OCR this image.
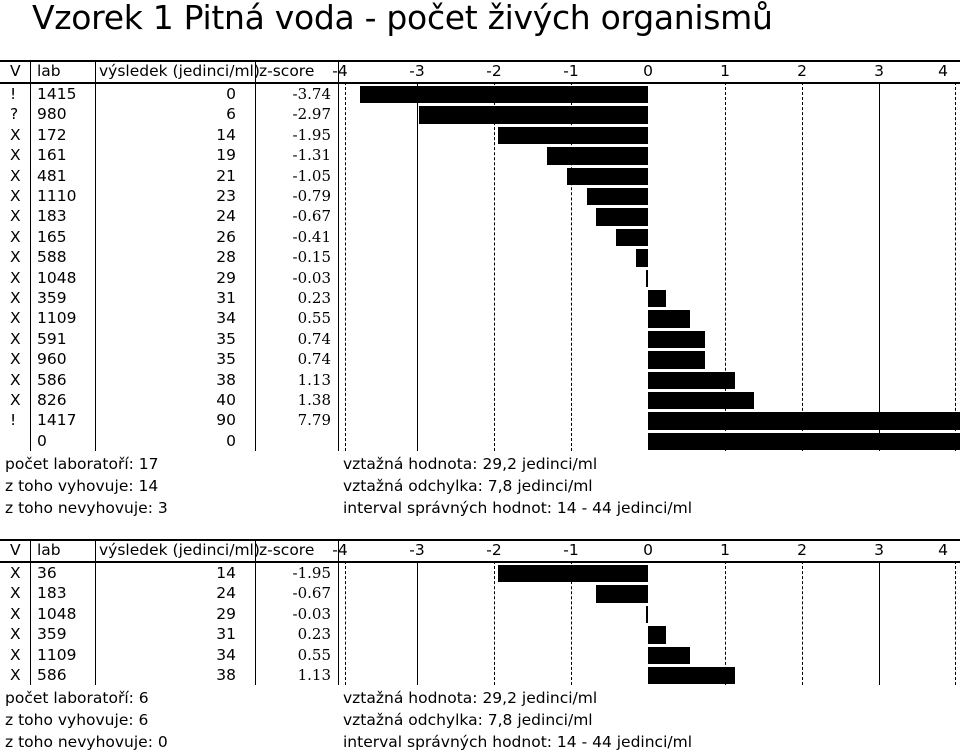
Vzorek 1 Pitná voda - počet živých organismů
V lab výsledek (jedinci/ml) z-score	-4	-3	-2	-1	0	1	2	3	4
! 1415	0	-3.74
? 980	6	-2.97
X 172	14	-1.95
X 161	19	-1.31
X 481	21	-1.05
X 1110	23	-0.79
X 183	24	-0.67
X 165	26	-0.41
X 588	28	-0.15
X 1048	29	-0.03
X 359	31	0.23
X 1109	34	0.55
X 591	35	0.74
X 960	35	0.74
X 586	38	1.13
X 826	40	1.38
! 1417	90	7.79
0	0
počet laboratoří: 17
z toho vyhovuje: 14
z toho nevyhovuje: 3
vztažná hodnota: 29,2 jedinci/ml
vztažná odchylka: 7,8 jedinci/ml
interval správných hodnot: 14 - 44 jedinci/ml
V lab výsledek (jedinci/ml) z-score	-4	-3	-2	-1	0	1	2	3	4
X 36	14	-1.95
X 183	24	-0.67
X 1048	29	-0.03
X 359	31	0.23
X 1109	34	0.55
X 586	38	1.13
počet laboratoří: 6
z toho vyhovuje: 6
z toho nevyhovuje: 0
vztažná hodnota: 29,2 jedinci/ml
vztažná odchylka: 7,8 jedinci/ml
interval správných hodnot: 14 - 44 jedinci/ml
